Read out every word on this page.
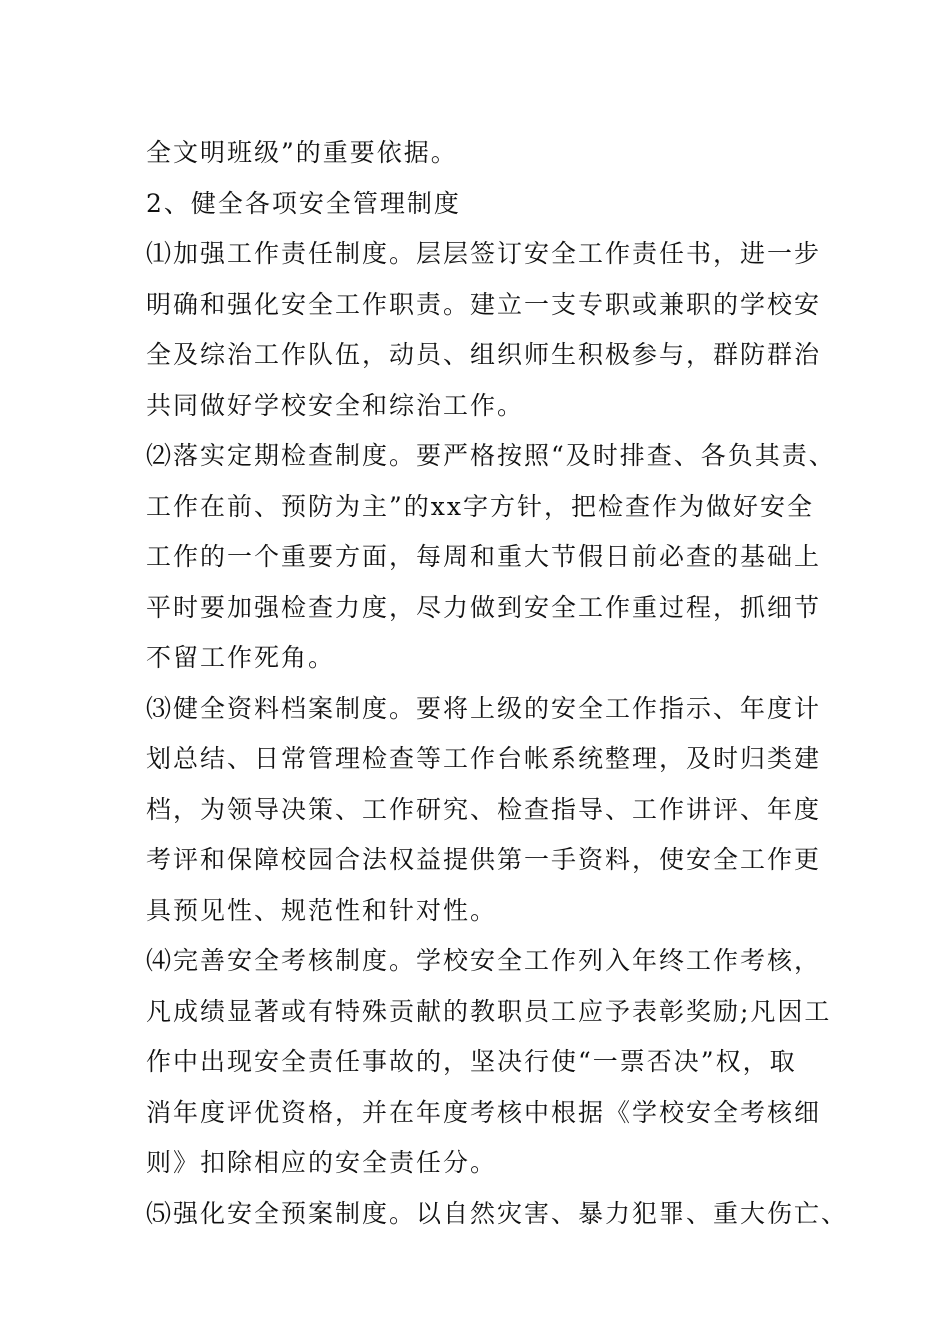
全文明班级”的重要依据。
2、健全各项安全管理制度
⑴加强工作责任制度。层层签订安全工作责任书，进一步
明确和强化安全工作职责。建立一支专职或兼职的学校安
全及综治工作队伍，动员、组织师生积极参与，群防群治
共同做好学校安全和综治工作。
⑵落实定期检查制度。要严格按照“及时排查、各负其责、
工作在前、预防为主”的xx字方针，把检查作为做好安全
工作的一个重要方面，每周和重大节假日前必查的基础上
平时要加强检查力度，尽力做到安全工作重过程，抓细节
不留工作死角。
⑶健全资料档案制度。要将上级的安全工作指示、年度计
划总结、日常管理检查等工作台帐系统整理，及时归类建
档，为领导决策、工作研究、检查指导、工作讲评、年度
考评和保障校园合法权益提供第一手资料，使安全工作更
具预见性、规范性和针对性。
⑷完善安全考核制度。学校安全工作列入年终工作考核，
凡成绩显著或有特殊贡献的教职员工应予表彰奖励;凡因工
作中出现安全责任事故的，坚决行使“一票否决”权，取
消年度评优资格，并在年度考核中根据《学校安全考核细
则》扣除相应的安全责任分。
⑸强化安全预案制度。以自然灾害、暴力犯罪、重大伤亡、
